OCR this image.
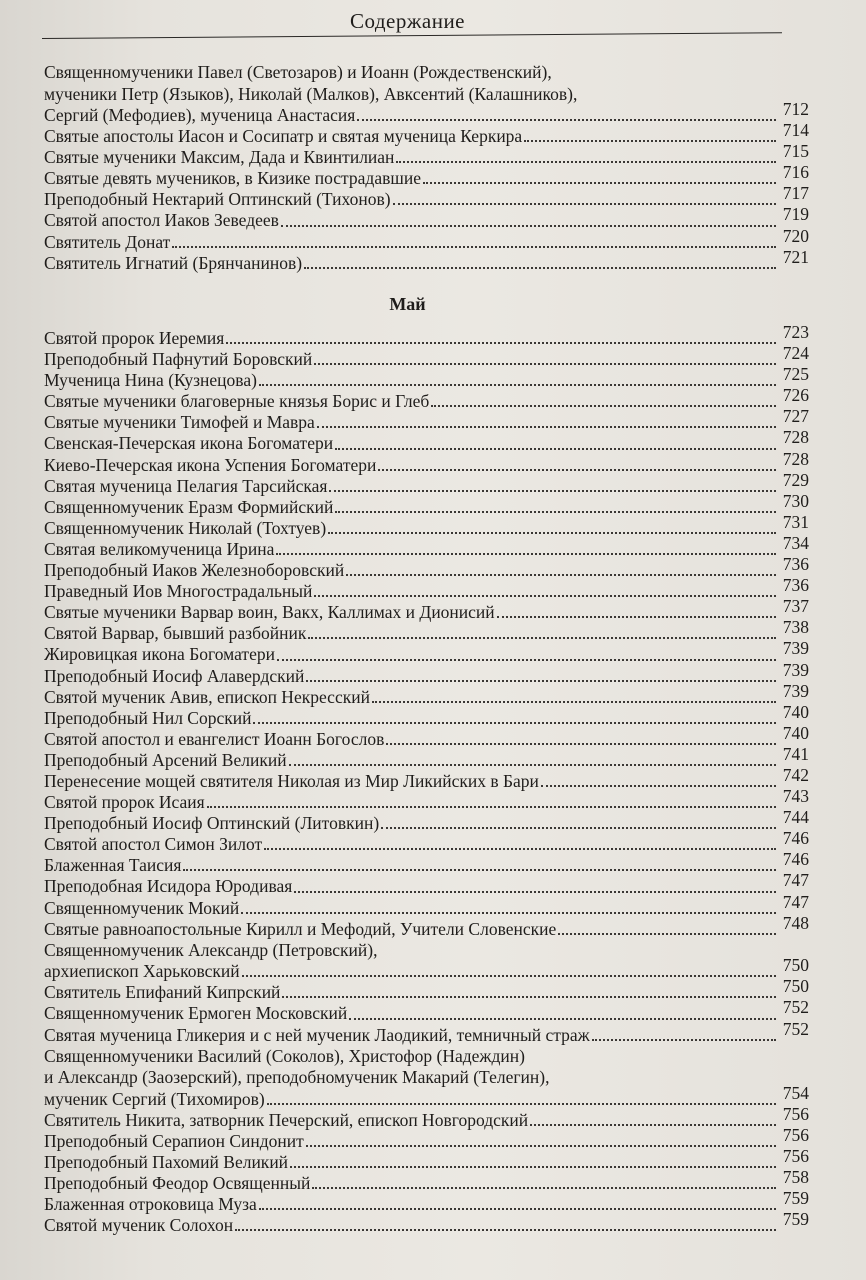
Содержание
Священномученики Павел (Светозаров) и Иоанн (Рождественский),
мученики Петр (Языков), Николай (Малков), Авксентий (Калашников),
Сергий (Мефодиев), мученица Анастасия	712
Святые апостолы Иасон и Сосипатр и святая мученица Керкира	714
Святые мученики Максим, Дада и Квинтилиан	715
Святые девять мучеников, в Кизике пострадавшие	716
Преподобный Нектарий Оптинский (Тихонов)	717
Святой апостол Иаков Зеведеев	719
Святитель Донат	720
Святитель Игнатий (Брянчанинов)	721
Май
Святой пророк Иеремия	723
Преподобный Пафнутий Боровский	724
Мученица Нина (Кузнецова)	725
Святые мученики благоверные князья Борис и Глеб	726
Святые мученики Тимофей и Мавра	727
Свенская-Печерская икона Богоматери	728
Киево-Печерская икона Успения Богоматери	728
Святая мученица Пелагия Тарсийская	729
Священномученик Еразм Формийский	730
Священномученик Николай (Тохтуев)	731
Святая великомученица Ирина	734
Преподобный Иаков Железноборовский	736
Праведный Иов Многострадальный	736
Святые мученики Варвар воин, Вакх, Каллимах и Дионисий	737
Святой Варвар, бывший разбойник	738
Жировицкая икона Богоматери	739
Преподобный Иосиф Алавердский	739
Святой мученик Авив, епископ Некресский	739
Преподобный Нил Сорский	740
Святой апостол и евангелист Иоанн Богослов	740
Преподобный Арсений Великий	741
Перенесение мощей святителя Николая из Мир Ликийских в Бари	742
Святой пророк Исаия	743
Преподобный Иосиф Оптинский (Литовкин)	744
Святой апостол Симон Зилот	746
Блаженная Таисия	746
Преподобная Исидора Юродивая	747
Священномученик Мокий	747
Святые равноапостольные Кирилл и Мефодий, Учители Словенские	748
Священномученик Александр (Петровский),
архиепископ Харьковский	750
Святитель Епифаний Кипрский	750
Священномученик Ермоген Московский	752
Святая мученица Гликерия и с ней мученик Лаодикий, темничный страж	752
Священномученики Василий (Соколов), Христофор (Надеждин)
и Александр (Заозерский), преподобномученик Макарий (Телегин),
мученик Сергий (Тихомиров)	754
Святитель Никита, затворник Печерский, епископ Новгородский	756
Преподобный Серапион Синдонит	756
Преподобный Пахомий Великий	756
Преподобный Феодор Освященный	758
Блаженная отроковица Муза	759
Святой мученик Солохон	759
